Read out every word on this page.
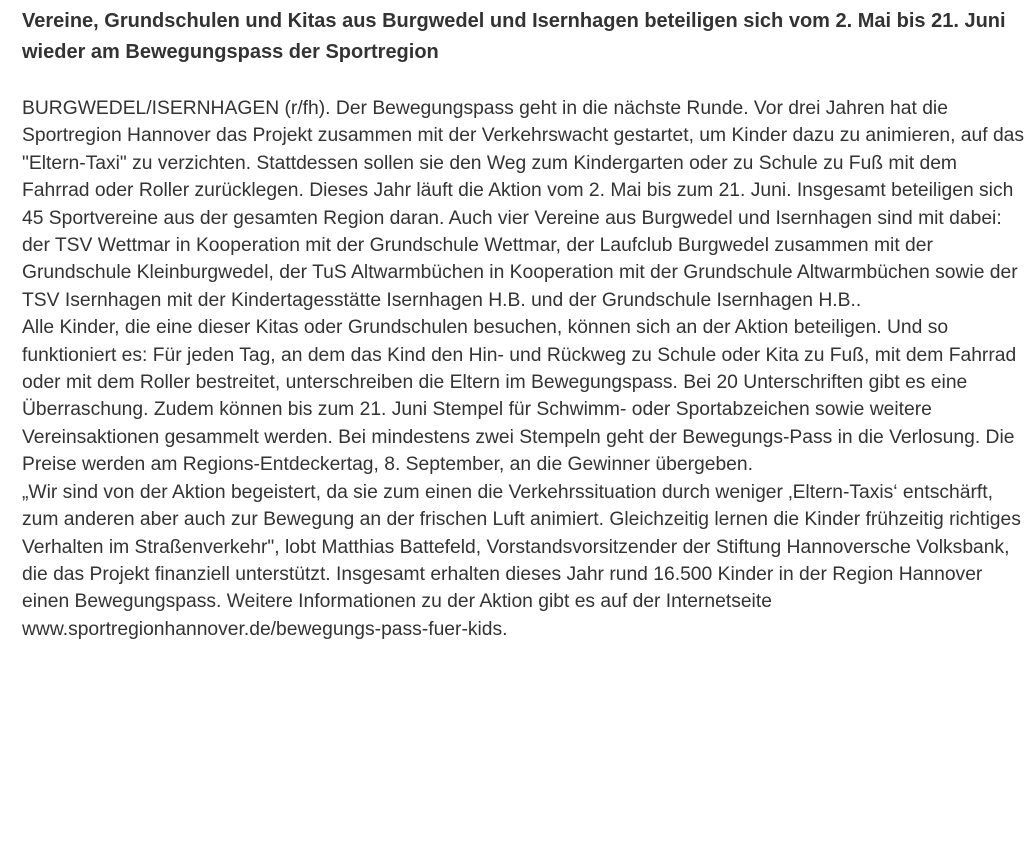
Vereine, Grundschulen und Kitas aus Burgwedel und Isernhagen beteiligen sich vom 2. Mai bis 21. Juni wieder am Bewegungspass der Sportregion
BURGWEDEL/ISERNHAGEN (r/fh). Der Bewegungspass geht in die nächste Runde. Vor drei Jahren hat die Sportregion Hannover das Projekt zusammen mit der Verkehrswacht gestartet, um Kinder dazu zu animieren, auf das "Eltern-Taxi" zu verzichten. Stattdessen sollen sie den Weg zum Kindergarten oder zu Schule zu Fuß mit dem Fahrrad oder Roller zurücklegen. Dieses Jahr läuft die Aktion vom 2. Mai bis zum 21. Juni. Insgesamt beteiligen sich 45 Sportvereine aus der gesamten Region daran. Auch vier Vereine aus Burgwedel und Isernhagen sind mit dabei: der TSV Wettmar in Kooperation mit der Grundschule Wettmar, der Laufclub Burgwedel zusammen mit der Grundschule Kleinburgwedel, der TuS Altwarmbüchen in Kooperation mit der Grundschule Altwarmbüchen sowie der TSV Isernhagen mit der Kindertagesstätte Isernhagen H.B. und der Grundschule Isernhagen H.B..
Alle Kinder, die eine dieser Kitas oder Grundschulen besuchen, können sich an der Aktion beteiligen. Und so funktioniert es: Für jeden Tag, an dem das Kind den Hin- und Rückweg zu Schule oder Kita zu Fuß, mit dem Fahrrad oder mit dem Roller bestreitet, unterschreiben die Eltern im Bewegungspass. Bei 20 Unterschriften gibt es eine Überraschung. Zudem können bis zum 21. Juni Stempel für Schwimm- oder Sportabzeichen sowie weitere Vereinsaktionen gesammelt werden. Bei mindestens zwei Stempeln geht der Bewegungs-Pass in die Verlosung. Die Preise werden am Regions-Entdeckertag, 8. September, an die Gewinner übergeben.
„Wir sind von der Aktion begeistert, da sie zum einen die Verkehrssituation durch weniger ‚Eltern-Taxis‘ entschärft, zum anderen aber auch zur Bewegung an der frischen Luft animiert. Gleichzeitig lernen die Kinder frühzeitig richtiges Verhalten im Straßenverkehr", lobt Matthias Battefeld, Vorstandsvorsitzender der Stiftung Hannoversche Volksbank, die das Projekt finanziell unterstützt. Insgesamt erhalten dieses Jahr rund 16.500 Kinder in der Region Hannover einen Bewegungspass. Weitere Informationen zu der Aktion gibt es auf der Internetseite www.sportregionhannover.de/bewegungs-pass-fuer-kids.
